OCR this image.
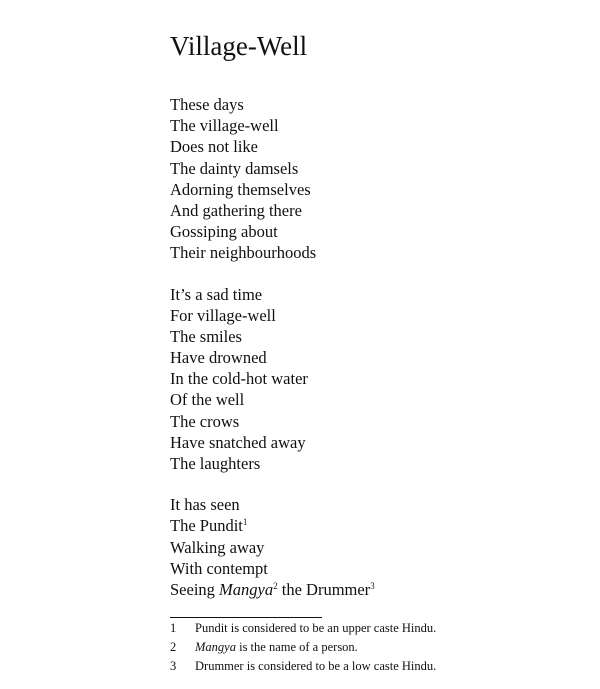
Village-Well
These days
The village-well
Does not like
The dainty damsels
Adorning themselves
And gathering there
Gossiping about
Their neighbourhoods
It’s a sad time
For village-well
The smiles
Have drowned
In the cold-hot water
Of the well
The crows
Have snatched away
The laughters
It has seen
The Pundit$^1$
Walking away
With contempt
Seeing Mangya$^2$ the Drummer$^3$
1 Pundit is considered to be an upper caste Hindu.
2 Mangya is the name of a person.
3 Drummer is considered to be a low caste Hindu.
